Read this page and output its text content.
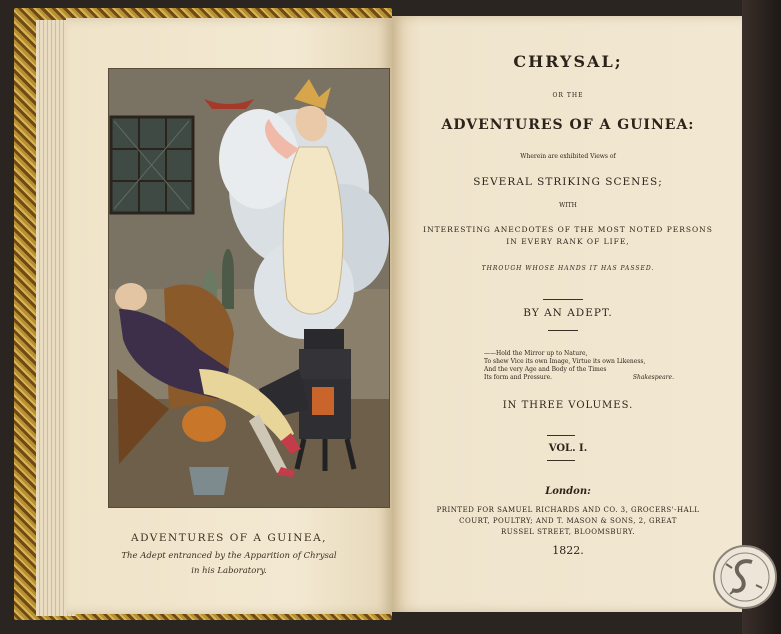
ADVENTURES OF A GUINEA,
The Adept entranced by the Apparition of Chrysal
in his Laboratory.
CHRYSAL;
OR THE
ADVENTURES OF A GUINEA:
Wherein are exhibited Views of
SEVERAL STRIKING SCENES;
WITH
INTERESTING ANECDOTES OF THE MOST NOTED PERSONS
IN EVERY RANK OF LIFE,
THROUGH WHOSE HANDS IT HAS PASSED.
BY AN ADEPT.
——Hold the Mirror up to Nature,
To shew Vice its own Image, Virtue its own Likeness,
And the very Age and Body of the Times
Its form and Pressure.	Shakespeare.
IN THREE VOLUMES.
VOL. I.
London:
PRINTED FOR SAMUEL RICHARDS AND CO. 3, GROCERS'-HALL
COURT, POULTRY; AND T. MASON & SONS, 2, GREAT
RUSSEL STREET, BLOOMSBURY.
1822.
